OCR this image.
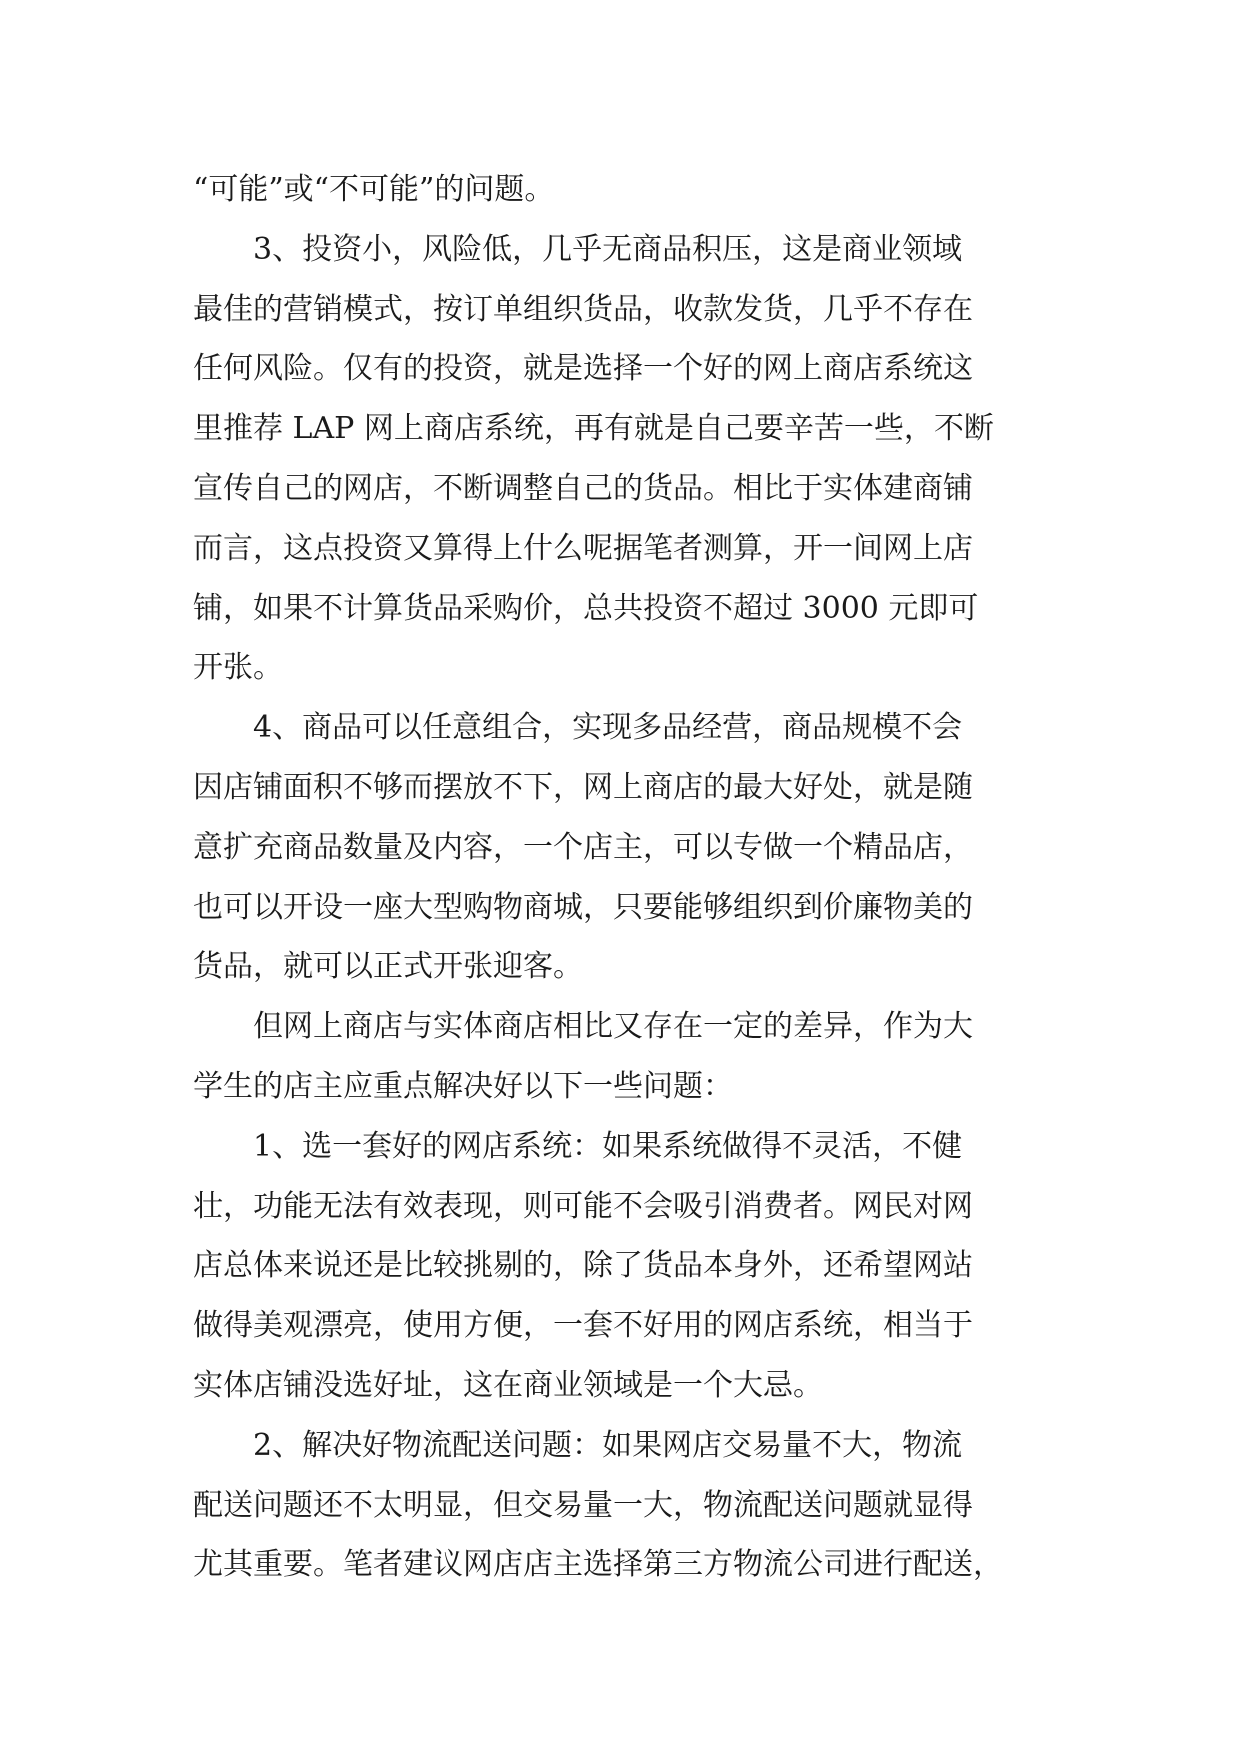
“可能”或“不可能”的问题。
3、投资小，风险低，几乎无商品积压，这是商业领域
最佳的营销模式，按订单组织货品，收款发货，几乎不存在
任何风险。仅有的投资，就是选择一个好的网上商店系统这
里推荐 LAP 网上商店系统，再有就是自己要辛苦一些，不断
宣传自己的网店，不断调整自己的货品。相比于实体建商铺
而言，这点投资又算得上什么呢据笔者测算，开一间网上店
铺，如果不计算货品采购价，总共投资不超过 3000 元即可
开张。
4、商品可以任意组合，实现多品经营，商品规模不会
因店铺面积不够而摆放不下，网上商店的最大好处，就是随
意扩充商品数量及内容，一个店主，可以专做一个精品店，
也可以开设一座大型购物商城，只要能够组织到价廉物美的
货品，就可以正式开张迎客。
但网上商店与实体商店相比又存在一定的差异，作为大
学生的店主应重点解决好以下一些问题：
1、选一套好的网店系统：如果系统做得不灵活，不健
壮，功能无法有效表现，则可能不会吸引消费者。网民对网
店总体来说还是比较挑剔的，除了货品本身外，还希望网站
做得美观漂亮，使用方便，一套不好用的网店系统，相当于
实体店铺没选好址，这在商业领域是一个大忌。
2、解决好物流配送问题：如果网店交易量不大，物流
配送问题还不太明显，但交易量一大，物流配送问题就显得
尤其重要。笔者建议网店店主选择第三方物流公司进行配送，
